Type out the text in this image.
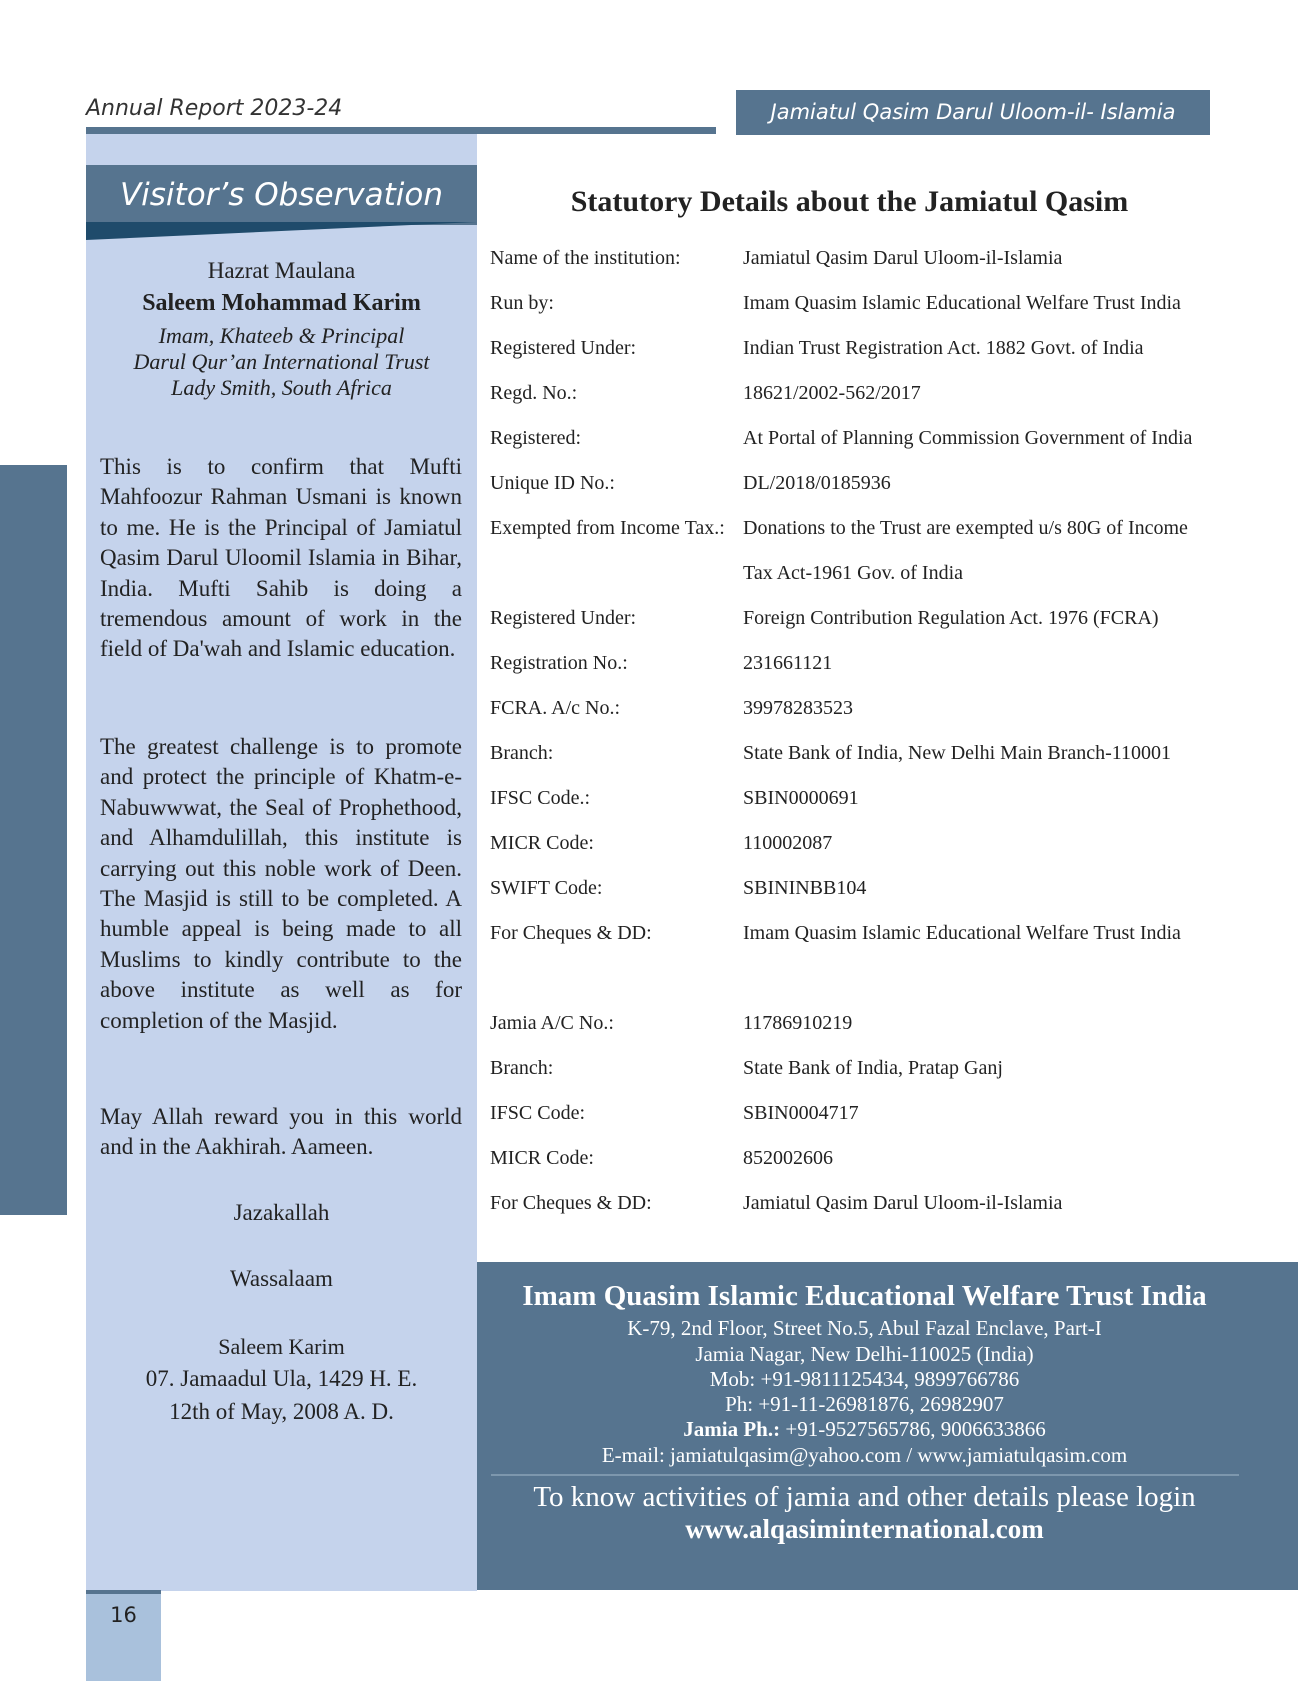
Annual Report 2023-24	Jamiatul Qasim Darul Uloom-il- Islamia
Visitor’s Observation
Hazrat Maulana
Saleem Mohammad Karim
Imam, Khateeb & Principal
Darul Qur’an International Trust
Lady Smith, South Africa
This is to confirm that Mufti Mahfoozur Rahman Usmani is known to me. He is the Principal of Jamiatul Qasim Darul Uloomil Islamia in Bihar, India. Mufti Sahib is doing a tremendous amount of work in the field of Da'wah and Islamic education.
The greatest challenge is to promote and protect the principle of Khatm-e-Nabuwwwat, the Seal of Prophethood, and Alhamdulillah, this institute is carrying out this noble work of Deen. The Masjid is still to be completed. A humble appeal is being made to all Muslims to kindly contribute to the above institute as well as for completion of the Masjid.
May Allah reward you in this world and in the Aakhirah. Aameen.
Jazakallah
Wassalaam
Saleem Karim
07. Jamaadul Ula, 1429 H. E.
12th of May, 2008 A. D.
16
Statutory Details about the Jamiatul Qasim
Name of the institution:	Jamiatul Qasim Darul Uloom-il-Islamia
Run by:	Imam Quasim Islamic Educational Welfare Trust India
Registered Under:	Indian Trust Registration Act. 1882 Govt. of India
Regd. No.:	18621/2002-562/2017
Registered:	At Portal of Planning Commission Government of India
Unique ID No.:	DL/2018/0185936
Exempted from Income Tax.: Donations to the Trust are exempted u/s 80G of Income
Tax Act-1961 Gov. of India
Registered Under:	Foreign Contribution Regulation Act. 1976 (FCRA)
Registration No.:	231661121
FCRA. A/c No.:	39978283523
Branch:	State Bank of India, New Delhi Main Branch-110001
IFSC Code.:	SBIN0000691
MICR Code:	110002087
SWIFT Code:	SBININBB104
For Cheques & DD:	Imam Quasim Islamic Educational Welfare Trust India
Jamia A/C No.:	11786910219
Branch:	State Bank of India, Pratap Ganj
IFSC Code:	SBIN0004717
MICR Code:	852002606
For Cheques & DD:	Jamiatul Qasim Darul Uloom-il-Islamia
Imam Quasim Islamic Educational Welfare Trust India
K-79, 2nd Floor, Street No.5, Abul Fazal Enclave, Part-I
Jamia Nagar, New Delhi-110025 (India)
Mob: +91-9811125434, 9899766786
Ph: +91-11-26981876, 26982907
Jamia Ph.: +91-9527565786, 9006633866
E-mail: jamiatulqasim@yahoo.com / www.jamiatulqasim.com
To know activities of jamia and other details please login
www.alqasiminternational.com
